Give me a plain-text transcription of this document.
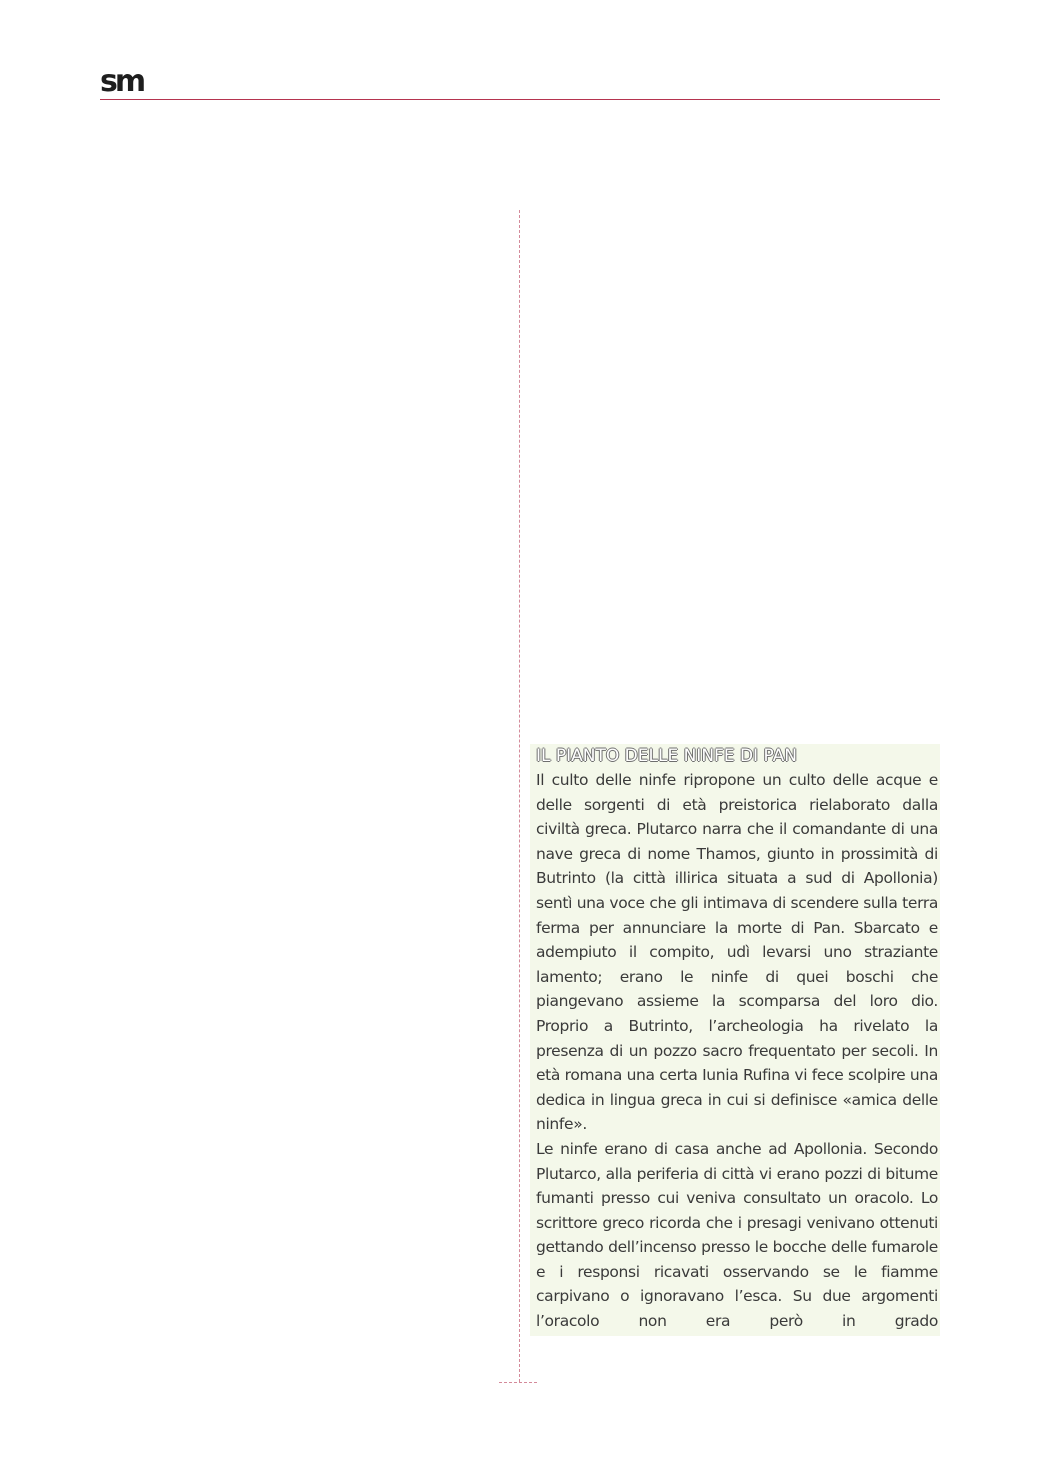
sm
IL PIANTO DELLE NINFE DI PAN

Il culto delle ninfe ripropone un culto delle acque e delle sorgenti di età preistorica rielaborato dalla civiltà greca. Plutarco narra che il comandante di una nave greca di nome Thamos, giunto in prossimità di Butrinto (la città illirica situata a sud di Apollonia) sentì una voce che gli intimava di scendere sulla terra ferma per annunciare la morte di Pan. Sbarcato e adempiuto il compito, udì levarsi uno straziante lamento; erano le ninfe di quei boschi che piangevano assieme la scomparsa del loro dio. Proprio a Butrinto, l’archeologia ha rivelato la presenza di un pozzo sacro frequentato per secoli. In età romana una certa Iunia Rufina vi fece scolpire una dedica in lingua greca in cui si definisce «amica delle ninfe».

Le ninfe erano di casa anche ad Apollonia. Secondo Plutarco, alla periferia di città vi erano pozzi di bitume fumanti presso cui veniva consultato un oracolo. Lo scrittore greco ricorda che i presagi venivano ottenuti gettando dell’incenso presso le bocche delle fumarole e i responsi ricavati osservando se le fiamme carpivano o ignoravano l’esca. Su due argomenti l’oracolo non era però in grado
